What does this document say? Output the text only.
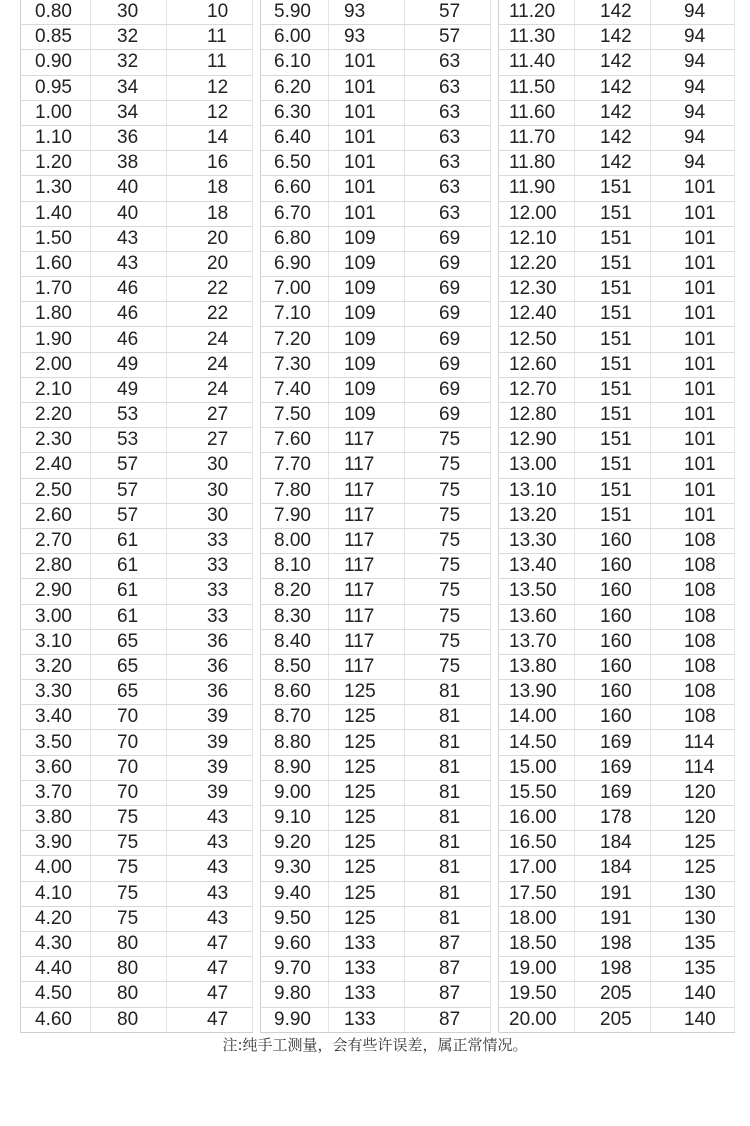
0.80	30	10
0.85	32	11
0.90	32	11
0.95	34	12
1.00	34	12
1.10	36	14
1.20	38	16
1.30	40	18
1.40	40	18
1.50	43	20
1.60	43	20
1.70	46	22
1.80	46	22
1.90	46	24
2.00	49	24
2.10	49	24
2.20	53	27
2.30	53	27
2.40	57	30
2.50	57	30
2.60	57	30
2.70	61	33
2.80	61	33
2.90	61	33
3.00	61	33
3.10	65	36
3.20	65	36
3.30	65	36
3.40	70	39
3.50	70	39
3.60	70	39
3.70	70	39
3.80	75	43
3.90	75	43
4.00	75	43
4.10	75	43
4.20	75	43
4.30	80	47
4.40	80	47
4.50	80	47
4.60	80	47
5.90	93	57
6.00	93	57
6.10	101	63
6.20	101	63
6.30	101	63
6.40	101	63
6.50	101	63
6.60	101	63
6.70	101	63
6.80	109	69
6.90	109	69
7.00	109	69
7.10	109	69
7.20	109	69
7.30	109	69
7.40	109	69
7.50	109	69
7.60	117	75
7.70	117	75
7.80	117	75
7.90	117	75
8.00	117	75
8.10	117	75
8.20	117	75
8.30	117	75
8.40	117	75
8.50	117	75
8.60	125	81
8.70	125	81
8.80	125	81
8.90	125	81
9.00	125	81
9.10	125	81
9.20	125	81
9.30	125	81
9.40	125	81
9.50	125	81
9.60	133	87
9.70	133	87
9.80	133	87
9.90	133	87
11.20	142	94
11.30	142	94
11.40	142	94
11.50	142	94
11.60	142	94
11.70	142	94
11.80	142	94
11.90	151	101
12.00	151	101
12.10	151	101
12.20	151	101
12.30	151	101
12.40	151	101
12.50	151	101
12.60	151	101
12.70	151	101
12.80	151	101
12.90	151	101
13.00	151	101
13.10	151	101
13.20	151	101
13.30	160	108
13.40	160	108
13.50	160	108
13.60	160	108
13.70	160	108
13.80	160	108
13.90	160	108
14.00	160	108
14.50	169	114
15.00	169	114
15.50	169	120
16.00	178	120
16.50	184	125
17.00	184	125
17.50	191	130
18.00	191	130
18.50	198	135
19.00	198	135
19.50	205	140
20.00	205	140
注:纯手工测量，会有些许误差，属正常情况。
